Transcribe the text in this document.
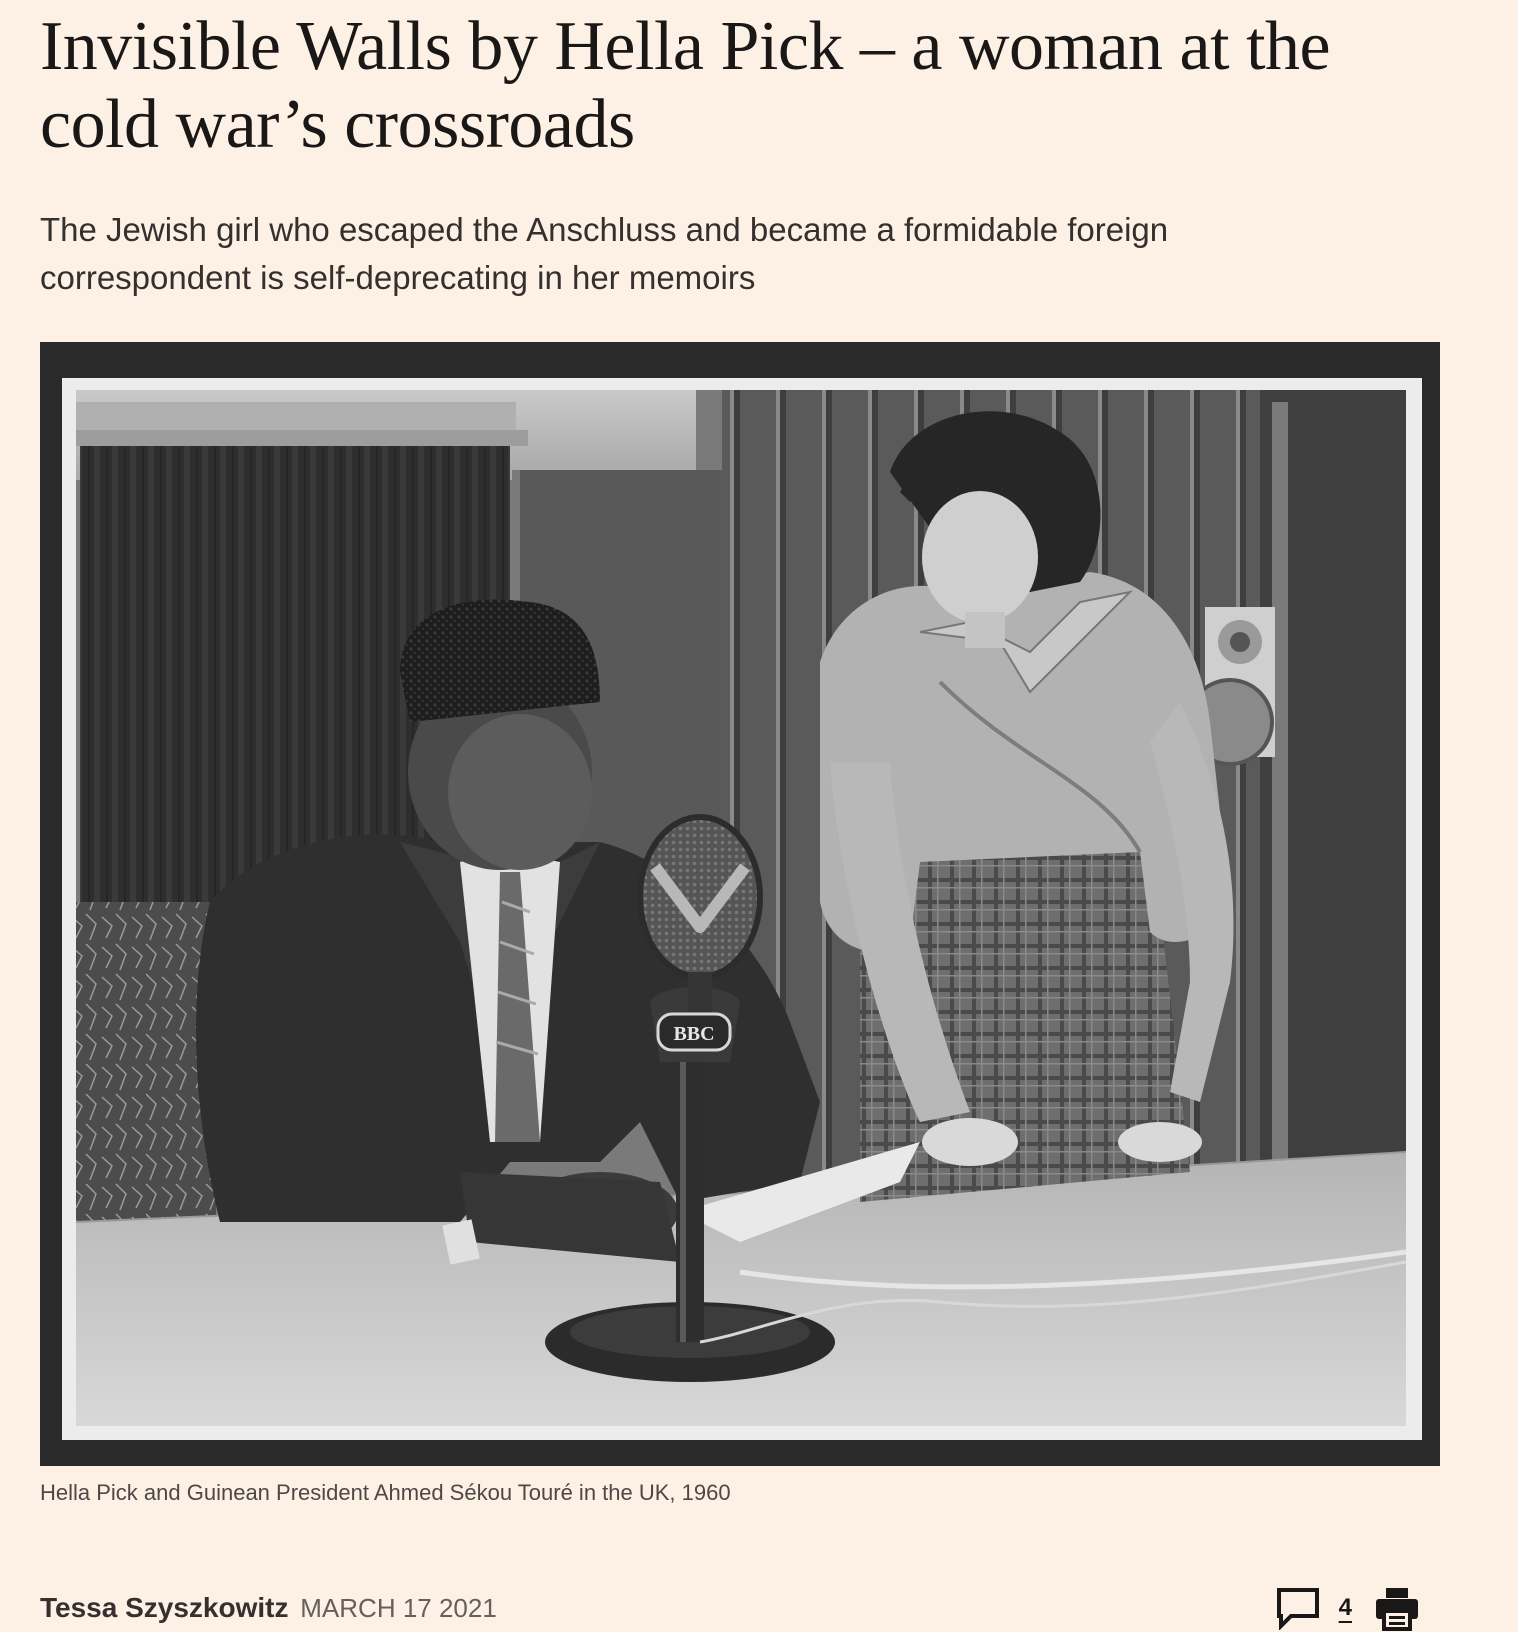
Invisible Walls by Hella Pick – a woman at the cold war’s crossroads

The Jewish girl who escaped the Anschluss and became a formidable foreign correspondent is self-deprecating in her memoirs

BBC
Hella Pick and Guinean President Ahmed Sékou Touré in the UK, 1960
Tessa Szyszkowitz MARCH 17 2021	4
